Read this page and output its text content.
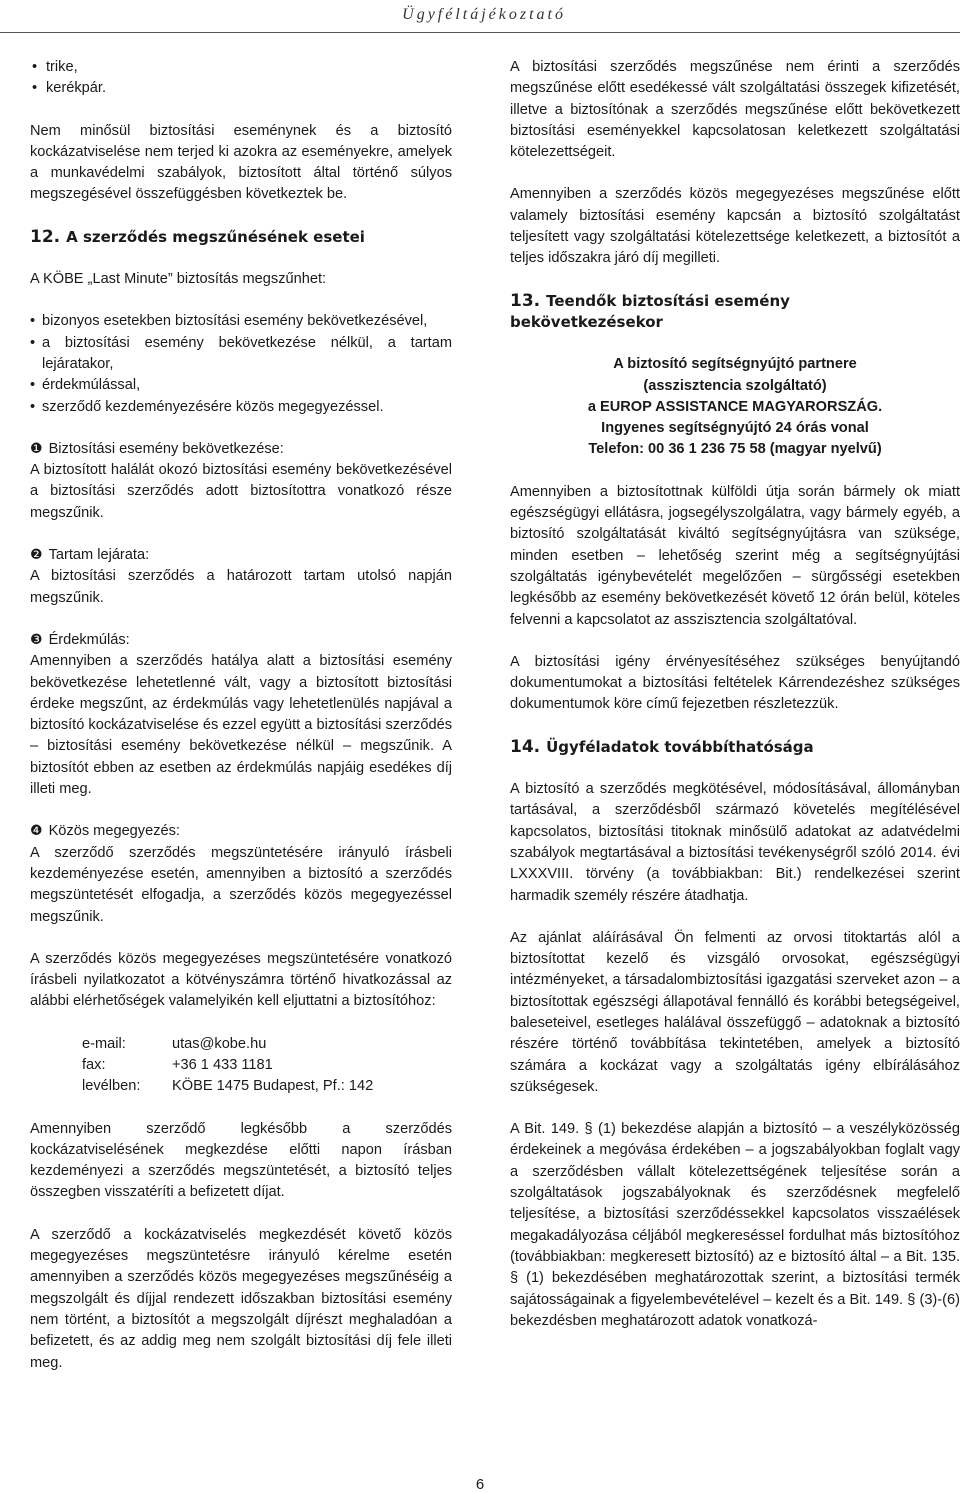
Ügyféltájékoztató
• trike,
• kerékpár.

Nem minősül biztosítási eseménynek és a biztosító kockázatviselése nem terjed ki azokra az eseményekre, amelyek a munkavédelmi szabályok, biztosított által történő súlyos megszegésével összefüggésben következtek be.

12. A szerződés megszűnésének esetei

A KÖBE „Last Minute” biztosítás megszűnhet:

• bizonyos esetekben biztosítási esemény bekövetkezésével,
• a biztosítási esemény bekövetkezése nélkül, a tartam lejáratakor,
• érdekmúlással,
• szerződő kezdeményezésére közös megegyezéssel.
❶ Biztosítási esemény bekövetkezése:

A biztosított halálát okozó biztosítási esemény bekövetkezésével a biztosítási szerződés adott biztosítottra vonatkozó része megszűnik.

❷ Tartam lejárata:

A biztosítási szerződés a határozott tartam utolsó napján megszűnik.

❸ Érdekmúlás:

Amennyiben a szerződés hatálya alatt a biztosítási esemény bekövetkezése lehetetlenné vált, vagy a biztosított biztosítási érdeke megszűnt, az érdekmúlás vagy lehetetlenülés napjával a biztosító kockázatviselése és ezzel együtt a biztosítási szerződés – biztosítási esemény bekövetkezése nélkül – megszűnik. A biztosítót ebben az esetben az érdekmúlás napjáig esedékes díj illeti meg.

❹ Közös megegyezés:

A szerződő szerződés megszüntetésére irányuló írásbeli kezdeményezése esetén, amennyiben a biztosító a szerződés megszüntetését elfogadja, a szerződés közös megegyezéssel megszűnik.

A szerződés közös megegyezéses megszüntetésére vonatkozó írásbeli nyilatkozatot a kötvényszámra történő hivatkozással az alábbi elérhetőségek valamelyikén kell eljuttatni a biztosítóhoz:

e-mail:	utas@kobe.hu
fax:	+36 1 433 1181
levélben:	KÖBE 1475 Budapest, Pf.: 142

Amennyiben szerződő legkésőbb a szerződés kockázatviselésének megkezdése előtti napon írásban kezdeményezi a szerződés megszüntetését, a biztosító teljes összegben visszatéríti a befizetett díjat.

A szerződő a kockázatviselés megkezdését követő közös megegyezéses megszüntetésre irányuló kérelme esetén amennyiben a szerződés közös megegyezéses megszűnéséig a megszolgált és díjjal rendezett időszakban biztosítási esemény nem történt, a biztosítót a megszolgált díjrészt meghaladóan a befizetett, és az addig meg nem szolgált biztosítási díj fele illeti meg.

A biztosítási szerződés megszűnése nem érinti a szerződés megszűnése előtt esedékessé vált szolgáltatási összegek kifizetését, illetve a biztosítónak a szerződés megszűnése előtt bekövetkezett biztosítási eseményekkel kapcsolatosan keletkezett szolgáltatási kötelezettségeit.

Amennyiben a szerződés közös megegyezéses megszűnése előtt valamely biztosítási esemény kapcsán a biztosító szolgáltatást teljesített vagy szolgáltatási kötelezettsége keletkezett, a biztosítót a teljes időszakra járó díj megilleti.

13. Teendők biztosítási esemény
bekövetkezésekor
A biztosító segítségnyújtó partnere
(asszisztencia szolgáltató)
a EUROP ASSISTANCE MAGYARORSZÁG.
Ingyenes segítségnyújtó 24 órás vonal
Telefon: 00 36 1 236 75 58 (magyar nyelvű)

Amennyiben a biztosítottnak külföldi útja során bármely ok miatt egészségügyi ellátásra, jogsegélyszolgálatra, vagy bármely egyéb, a biztosító szolgáltatását kiváltó segítségnyújtásra van szüksége, minden esetben – lehetőség szerint még a segítségnyújtási szolgáltatás igénybevételét megelőzően – sürgősségi esetekben legkésőbb az esemény bekövetkezését követő 12 órán belül, köteles felvenni a kapcsolatot az asszisztencia szolgáltatóval.

A biztosítási igény érvényesítéséhez szükséges benyújtandó dokumentumokat a biztosítási feltételek Kárrendezéshez szükséges dokumentumok köre című fejezetben részletezzük.

14. Ügyféladatok továbbíthatósága

A biztosító a szerződés megkötésével, módosításával, állományban tartásával, a szerződésből származó követelés megítélésével kapcsolatos, biztosítási titoknak minősülő adatokat az adatvédelmi szabályok megtartásával a biztosítási tevékenységről szóló 2014. évi LXXXVIII. törvény (a továbbiakban: Bit.) rendelkezései szerint harmadik személy részére átadhatja.

Az ajánlat aláírásával Ön felmenti az orvosi titoktartás alól a biztosítottat kezelő és vizsgáló orvosokat, egészségügyi intézményeket, a társadalombiztosítási igazgatási szerveket azon – a biztosítottak egészségi állapotával fennálló és korábbi betegségeivel, baleseteivel, esetleges halálával összefüggő – adatoknak a biztosító részére történő továbbítása tekintetében, amelyek a biztosító számára a kockázat vagy a szolgáltatás igény elbírálásához szükségesek.

A Bit. 149. § (1) bekezdése alapján a biztosító – a veszélyközösség érdekeinek a megóvása érdekében – a jogszabályokban foglalt vagy a szerződésben vállalt kötelezettségének teljesítése során a szolgáltatások jogszabályoknak és szerződésnek megfelelő teljesítése, a biztosítási szerződéssekkel kapcsolatos visszaélések megakadályozása céljából megkereséssel fordulhat más biztosítóhoz (továbbiakban: megkeresett biztosító) az e biztosító által – a Bit. 135. § (1) bekezdésében meghatározottak szerint, a biztosítási termék sajátosságainak a figyelembevételével – kezelt és a Bit. 149. § (3)-(6) bekezdésben meghatározott adatok vonatkozá-

6
